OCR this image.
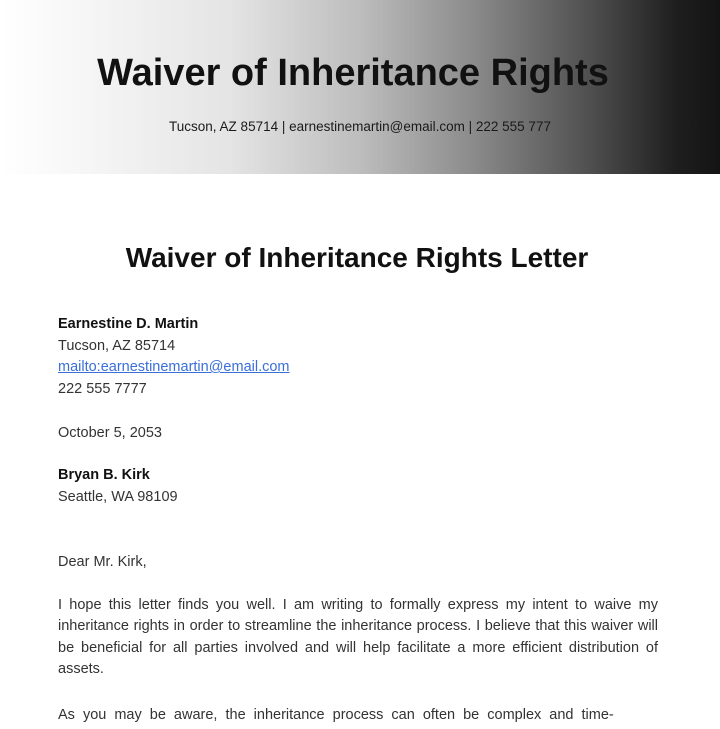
Waiver of Inheritance Rights
Tucson, AZ 85714 | earnestinemartin@email.com | 222 555 777
Waiver of Inheritance Rights Letter
Earnestine D. Martin
Tucson, AZ 85714
mailto:earnestinemartin@email.com
222 555 7777
October 5, 2053
Bryan B. Kirk
Seattle, WA 98109
Dear Mr. Kirk,
I hope this letter finds you well. I am writing to formally express my intent to waive my inheritance rights in order to streamline the inheritance process. I believe that this waiver will be beneficial for all parties involved and will help facilitate a more efficient distribution of assets.
As you may be aware, the inheritance process can often be complex and time-
